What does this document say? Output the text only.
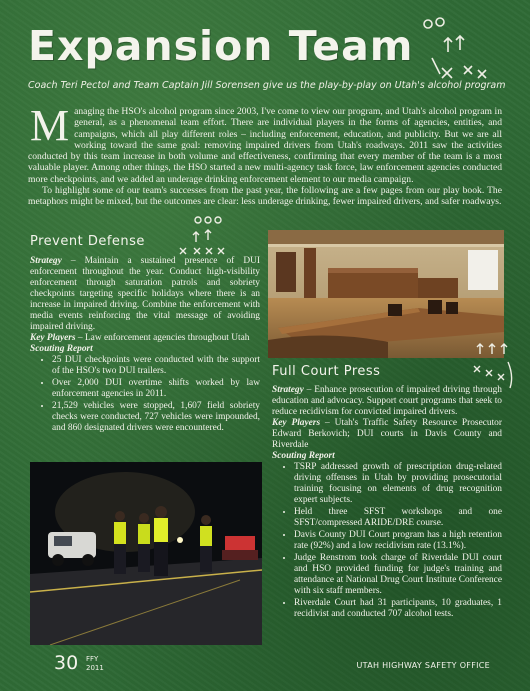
Expansion Team
Coach Teri Pectol and Team Captain Jill Sorensen give us the play-by-play on Utah's alcohol program
M anaging the HSO's alcohol program since 2003, I've come to view our program, and Utah's alcohol program in general, as a phenomenal team effort. There are individual players in the forms of agencies, entities, and campaigns, which all play different roles – including enforcement, education, and publicity. But we are all working toward the same goal: removing impaired drivers from Utah's roadways. 2011 saw the activities conducted by this team increase in both volume and effectiveness, confirming that every member of the team is a most valuable player. Among other things, the HSO started a new multi-agency task force, law enforcement agencies conducted more checkpoints, and we added an underage drinking enforcement element to our media campaign.

To highlight some of our team's successes from the past year, the following are a few pages from our play book. The metaphors might be mixed, but the outcomes are clear: less underage drinking, fewer impaired drivers, and safer roadways.

Prevent Defense

Strategy – Maintain a sustained presence of DUI enforcement throughout the year. Conduct high-visibility enforcement through saturation patrols and sobriety checkpoints targeting specific holidays where there is an increase in impaired driving. Combine the enforcement with media events reinforcing the vital message of avoiding impaired driving.

Key Players – Law enforcement agencies throughout Utah

Scouting Report

• 25 DUI checkpoints were conducted with the support of the HSO's two DUI trailers.
• Over 2,000 DUI overtime shifts worked by law enforcement agencies in 2011.
• 21,529 vehicles were stopped, 1,607 field sobriety checks were conducted, 727 vehicles were impounded, and 860 designated drivers were encountered.
Full Court Press

Strategy – Enhance prosecution of impaired driving through education and advocacy. Support court programs that seek to reduce recidivism for convicted impaired drivers.

Key Players – Utah's Traffic Safety Resource Prosecutor Edward Berkovich; DUI courts in Davis County and Riverdale

Scouting Report

• TSRP addressed growth of prescription drug-related driving offenses in Utah by providing prosecutorial training focusing on elements of drug recognition expert subjects.
• Held three SFST workshops and one SFST/compressed ARIDE/DRE course.
• Davis County DUI Court program has a high retention rate (92%) and a low recidivism rate (13.1%).
• Judge Renstrom took charge of Riverdale DUI court and HSO provided funding for judge's training and attendance at National Drug Court Institute Conference with six staff members.
• Riverdale Court had 31 participants, 10 graduates, 1 recidivist and conducted 707 alcohol tests.
30 FFY
2011	UTAH HIGHWAY SAFETY OFFICE
